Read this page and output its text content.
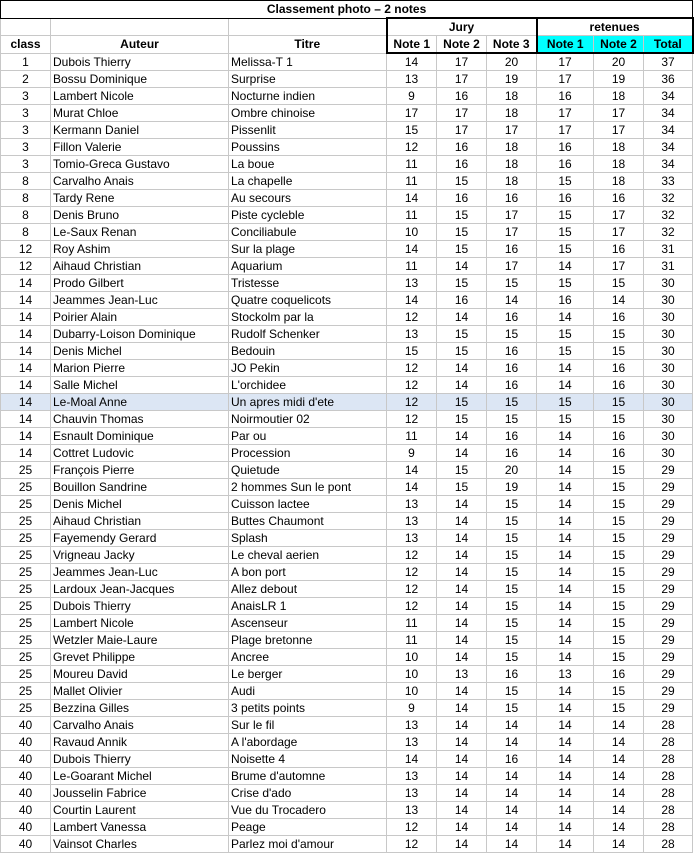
Classement photo – 2 notes								
			Jury			retenues		
class	Auteur	Titre	Note 1	Note 2	Note 3	Note 1	Note 2	Total
1	Dubois Thierry	Melissa-T 1	14	17	20	17	20	37
2	Bossu Dominique	Surprise	13	17	19	17	19	36
3	Lambert Nicole	Nocturne indien	9	16	18	16	18	34
3	Murat Chloe	Ombre chinoise	17	17	18	17	17	34
3	Kermann Daniel	Pissenlit	15	17	17	17	17	34
3	Fillon Valerie	Poussins	12	16	18	16	18	34
3	Tomio-Greca Gustavo	La boue	11	16	18	16	18	34
8	Carvalho Anais	La chapelle	11	15	18	15	18	33
8	Tardy Rene	Au secours	14	16	16	16	16	32
8	Denis Bruno	Piste cycleble	11	15	17	15	17	32
8	Le-Saux Renan	Conciliabule	10	15	17	15	17	32
12	Roy Ashim	Sur la plage	14	15	16	15	16	31
12	Aihaud Christian	Aquarium	11	14	17	14	17	31
14	Prodo Gilbert	Tristesse	13	15	15	15	15	30
14	Jeammes Jean-Luc	Quatre coquelicots	14	16	14	16	14	30
14	Poirier Alain	Stockolm par la	12	14	16	14	16	30
14	Dubarry-Loison Dominique	Rudolf Schenker	13	15	15	15	15	30
14	Denis Michel	Bedouin	15	15	16	15	15	30
14	Marion Pierre	JO Pekin	12	14	16	14	16	30
14	Salle Michel	L'orchidee	12	14	16	14	16	30
14	Le-Moal Anne	Un apres midi d'ete	12	15	15	15	15	30
14	Chauvin Thomas	Noirmoutier 02	12	15	15	15	15	30
14	Esnault Dominique	Par ou	11	14	16	14	16	30
14	Cottret Ludovic	Procession	9	14	16	14	16	30
25	François Pierre	Quietude	14	15	20	14	15	29
25	Bouillon Sandrine	2 hommes Sun le pont	14	15	19	14	15	29
25	Denis Michel	Cuisson lactee	13	14	15	14	15	29
25	Aihaud Christian	Buttes Chaumont	13	14	15	14	15	29
25	Fayemendy Gerard	Splash	13	14	15	14	15	29
25	Vrigneau Jacky	Le cheval aerien	12	14	15	14	15	29
25	Jeammes Jean-Luc	A bon port	12	14	15	14	15	29
25	Lardoux Jean-Jacques	Allez debout	12	14	15	14	15	29
25	Dubois Thierry	AnaisLR 1	12	14	15	14	15	29
25	Lambert Nicole	Ascenseur	11	14	15	14	15	29
25	Wetzler Maie-Laure	Plage bretonne	11	14	15	14	15	29
25	Grevet Philippe	Ancree	10	14	15	14	15	29
25	Moureu David	Le berger	10	13	16	13	16	29
25	Mallet Olivier	Audi	10	14	15	14	15	29
25	Bezzina Gilles	3 petits points	9	14	15	14	15	29
40	Carvalho Anais	Sur le fil	13	14	14	14	14	28
40	Ravaud Annik	A l'abordage	13	14	14	14	14	28
40	Dubois Thierry	Noisette 4	14	14	16	14	14	28
40	Le-Goarant Michel	Brume d'automne	13	14	14	14	14	28
40	Jousselin Fabrice	Crise d'ado	13	14	14	14	14	28
40	Courtin Laurent	Vue du Trocadero	13	14	14	14	14	28
40	Lambert Vanessa	Peage	12	14	14	14	14	28
40	Vainsot Charles	Parlez moi d'amour	12	14	14	14	14	28
